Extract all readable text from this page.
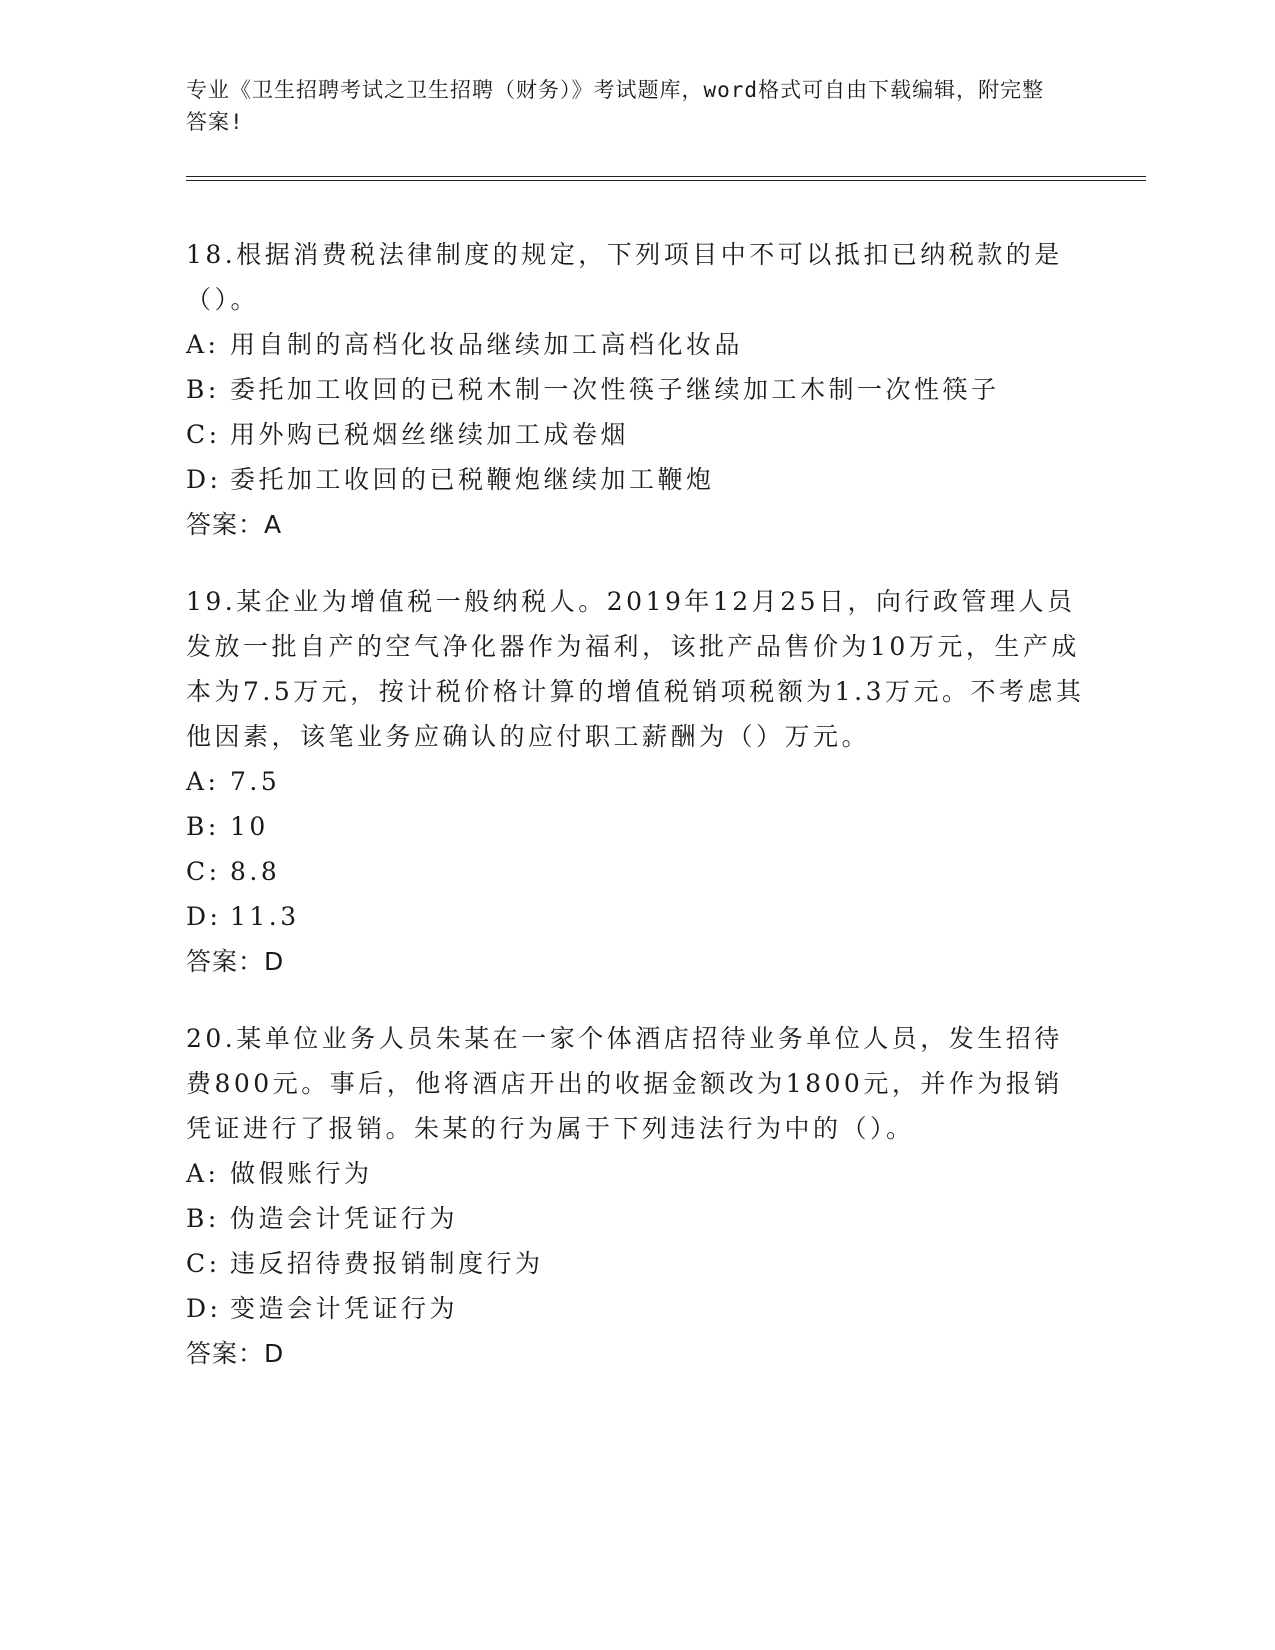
专业《卫生招聘考试之卫生招聘（财务）》考试题库，word格式可自由下载编辑，附完整答案!

18.根据消费税法律制度的规定，下列项目中不可以抵扣已纳税款的是（）。

A: 用自制的高档化妆品继续加工高档化妆品

B: 委托加工收回的已税木制一次性筷子继续加工木制一次性筷子

C: 用外购已税烟丝继续加工成卷烟

D: 委托加工收回的已税鞭炮继续加工鞭炮

答案：A

19.某企业为增值税一般纳税人。2019年12月25日，向行政管理人员发放一批自产的空气净化器作为福利，该批产品售价为10万元，生产成本为7.5万元，按计税价格计算的增值税销项税额为1.3万元。不考虑其他因素，该笔业务应确认的应付职工薪酬为（）万元。

A: 7.5

B: 10

C: 8.8

D: 11.3

答案：D

20.某单位业务人员朱某在一家个体酒店招待业务单位人员，发生招待费800元。事后，他将酒店开出的收据金额改为1800元，并作为报销凭证进行了报销。朱某的行为属于下列违法行为中的（）。

A: 做假账行为

B: 伪造会计凭证行为

C: 违反招待费报销制度行为

D: 变造会计凭证行为

答案：D
